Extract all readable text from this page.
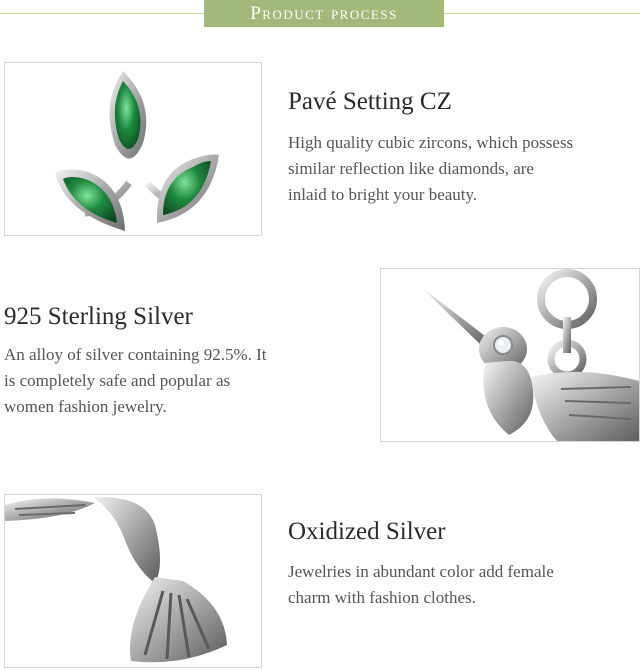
Product process
Pavé Setting CZ
High quality cubic zircons, which possess
similar reflection like diamonds, are
inlaid to bright your beauty.
925 Sterling Silver
An alloy of silver containing 92.5%. It
is completely safe and popular as
women fashion jewelry.
Oxidized Silver
Jewelries in abundant color add female
charm with fashion clothes.
